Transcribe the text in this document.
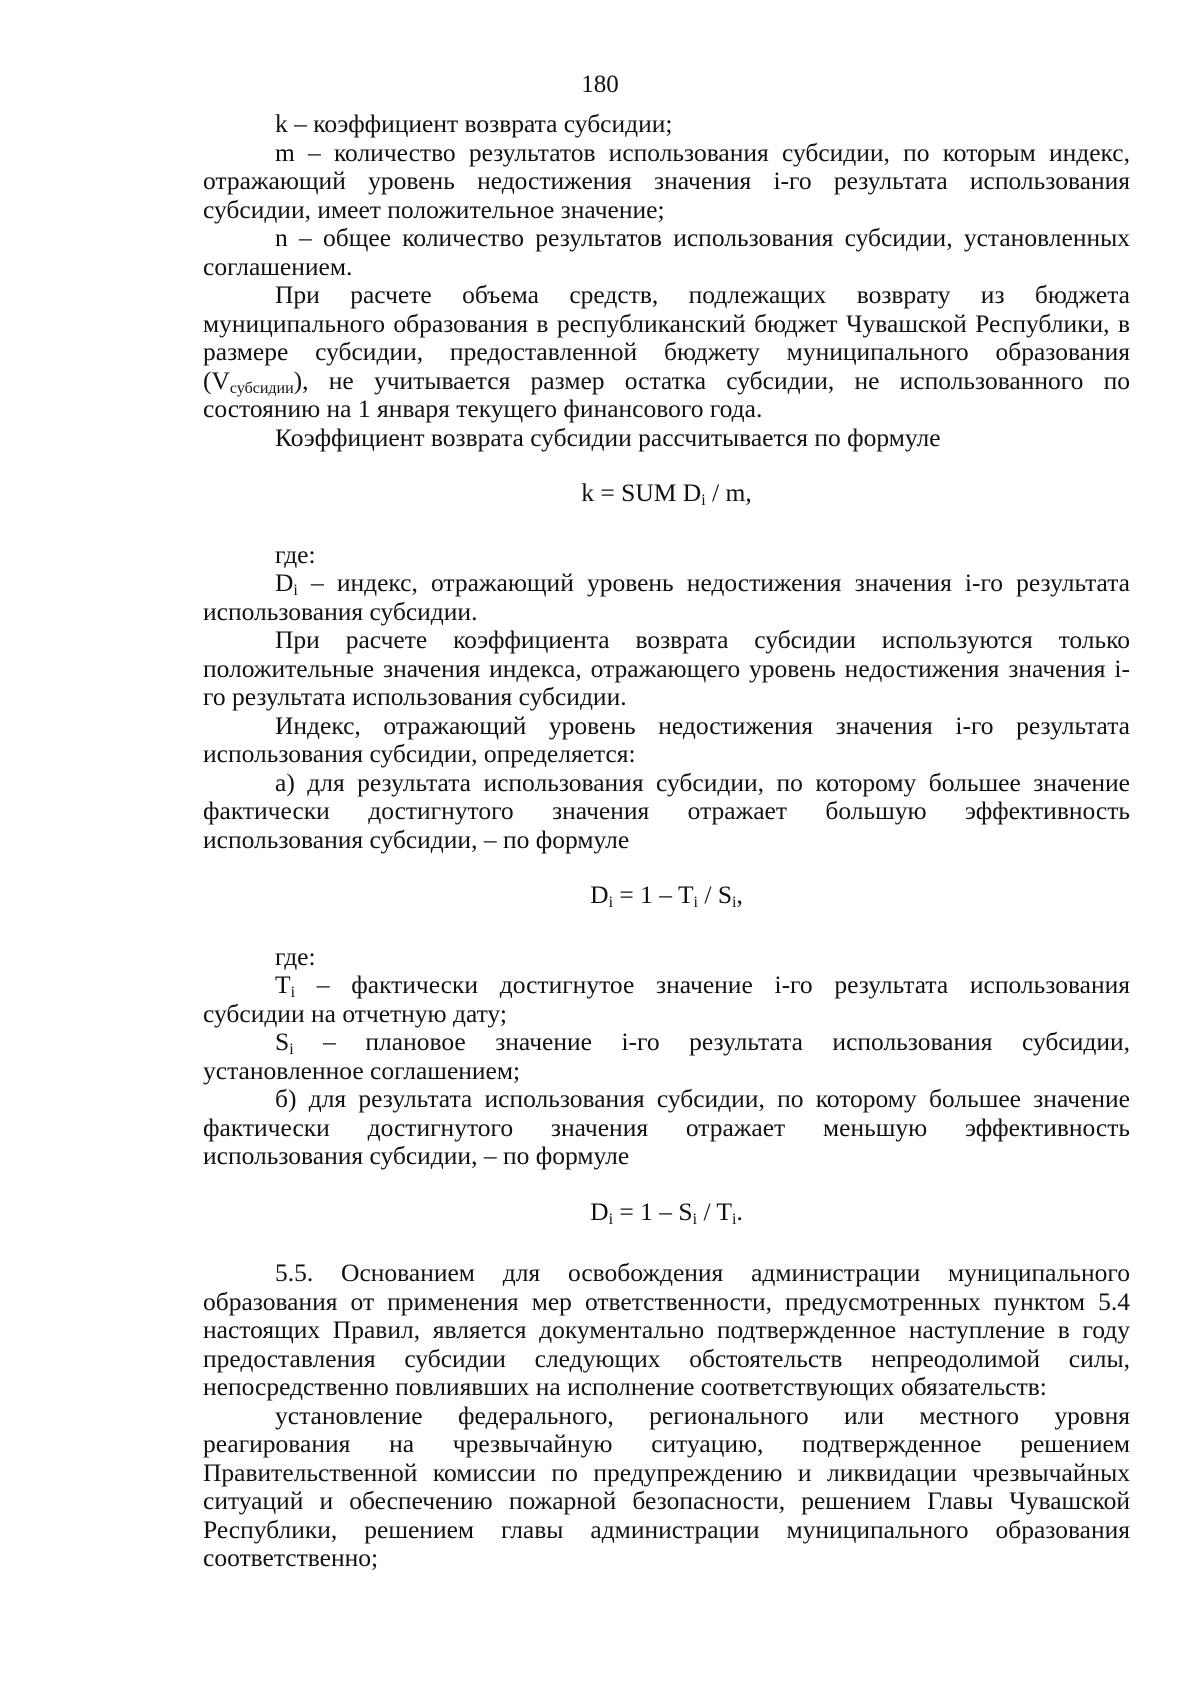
180

k – коэффициент возврата субсидии;

m – количество результатов использования субсидии, по которым индекс, отражающий уровень недостижения значения i-го результата использования субсидии, имеет положительное значение;

n – общее количество результатов использования субсидии, установленных соглашением.

При расчете объема средств, подлежащих возврату из бюджета муниципального образования в республиканский бюджет Чувашской Республики, в размере субсидии, предоставленной бюджету муниципального образования $(V_{субсидии})$, не учитывается размер остатка субсидии, не использованного по состоянию на 1 января текущего финансового года.

Коэффициент возврата субсидии рассчитывается по формуле

k = SUM $D_i$ / m,

где:

$D_i$ – индекс, отражающий уровень недостижения значения i-го результата использования субсидии.

При расчете коэффициента возврата субсидии используются только положительные значения индекса, отражающего уровень недостижения значения i-го результата использования субсидии.

Индекс, отражающий уровень недостижения значения i-го результата использования субсидии, определяется:

а) для результата использования субсидии, по которому большее значение фактически достигнутого значения отражает большую эффективность использования субсидии, – по формуле

$D_i = 1 - T_i / S_i$,

где:

$T_i$ – фактически достигнутое значение i-го результата использования субсидии на отчетную дату;

$S_i$ – плановое значение i-го результата использования субсидии, установленное соглашением;

б) для результата использования субсидии, по которому большее значение фактически достигнутого значения отражает меньшую эффективность использования субсидии, – по формуле

$D_i = 1 - S_i / T_i$.

5.5. Основанием для освобождения администрации муниципального образования от применения мер ответственности, предусмотренных пунктом 5.4 настоящих Правил, является документально подтвержденное наступление в году предоставления субсидии следующих обстоятельств непреодолимой силы, непосредственно повлиявших на исполнение соответствующих обязательств:

установление федерального, регионального или местного уровня реагирования на чрезвычайную ситуацию, подтвержденное решением Правительственной комиссии по предупреждению и ликвидации чрезвычайных ситуаций и обеспечению пожарной безопасности, решением Главы Чувашской Республики, решением главы администрации муниципального образования соответственно;
